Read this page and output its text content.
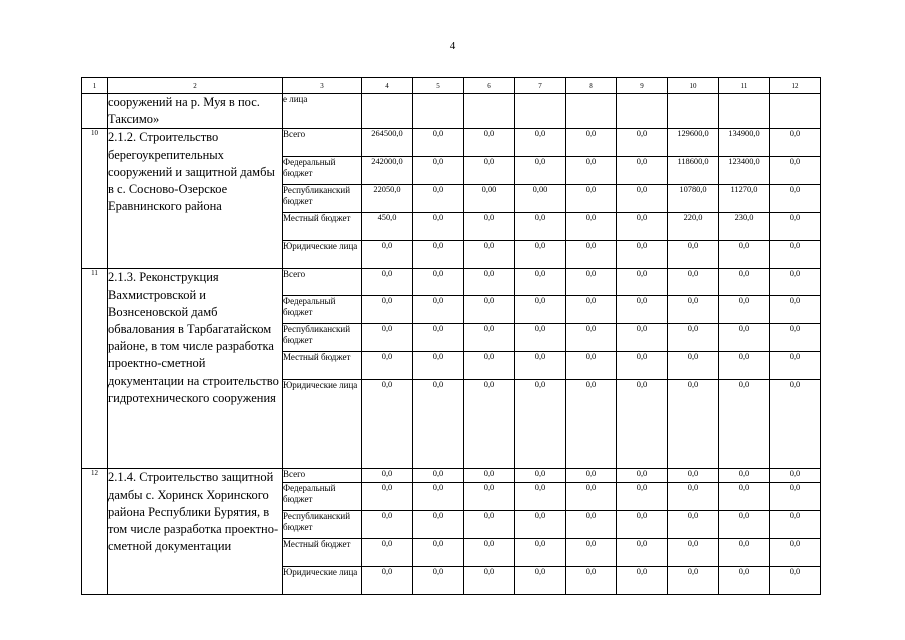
4
1	2	3	4	5	6	7	8	9	10	11	12
	сооружений на р. Муя в пос. Таксимо»	е лица									
10	2.1.2. Строительство берегоукрепительных сооружений и защитной дамбы в с. Сосново-Озерское Еравнинского района	Всего	264500,0	0,0	0,0	0,0	0,0	0,0	129600,0	134900,0	0,0

		Федеральный бюджет	242000,0	0,0	0,0	0,0	0,0	0,0	118600,0	123400,0	0,0

		Республиканский бюджет	22050,0	0,0	0,00	0,00	0,0	0,0	10780,0	11270,0	0,0

		Местный бюджет	450,0	0,0	0,0	0,0	0,0	0,0	220,0	230,0	0,0

		Юридические лица	0,0	0,0	0,0	0,0	0,0	0,0	0,0	0,0	0,0

11	2.1.3. Реконструкция Вахмистровской и Вознсеновской дамб обвалования в Тарбагатайском районе, в том числе разработка проектно-сметной документации на строительство гидротехнического сооружения	Всего	0,0	0,0	0,0	0,0	0,0	0,0	0,0	0,0	0,0

		Федеральный бюджет	0,0	0,0	0,0	0,0	0,0	0,0	0,0	0,0	0,0

		Республиканский бюджет	0,0	0,0	0,0	0,0	0,0	0,0	0,0	0,0	0,0

		Местный бюджет	0,0	0,0	0,0	0,0	0,0	0,0	0,0	0,0	0,0

		Юридические лица	0,0	0,0	0,0	0,0	0,0	0,0	0,0	0,0	0,0

12	2.1.4. Строительство защитной дамбы с. Хоринск Хоринского района Республики Бурятия, в том числе разработка проектно-сметной документации	Всего	0,0	0,0	0,0	0,0	0,0	0,0	0,0	0,0	0,0

		Федеральный бюджет	0,0	0,0	0,0	0,0	0,0	0,0	0,0	0,0	0,0

		Республиканский бюджет	0,0	0,0	0,0	0,0	0,0	0,0	0,0	0,0	0,0

		Местный бюджет	0,0	0,0	0,0	0,0	0,0	0,0	0,0	0,0	0,0

		Юридические лица	0,0	0,0	0,0	0,0	0,0	0,0	0,0	0,0	0,0
